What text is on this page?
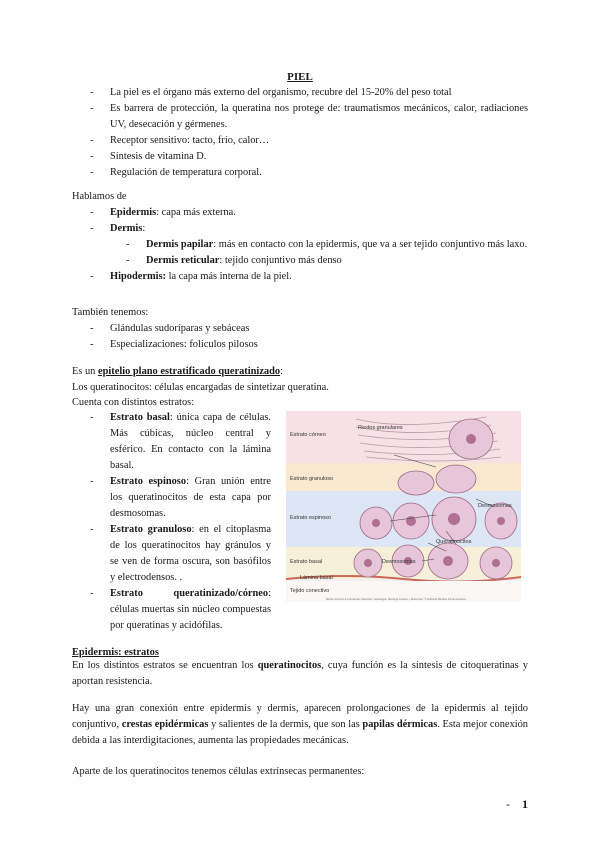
PIEL
- La piel es el órgano más externo del organismo, recubre del 15-20% del peso total
- Es barrera de protección, la queratina nos protege de: traumatismos mecánicos, calor, radiaciones UV, desecación y gérmenes.
- Receptor sensitivo: tacto, frío, calor…
- Síntesis de vitamina D.
- Regulación de temperatura corporal.
Hablamos de
- Epidermis: capa más externa.
- Dermis:
- Dermis papilar: más en contacto con la epidermis, que va a ser tejido conjuntivo más laxo.
- Dermis reticular: tejido conjuntivo más denso
- Hipodermis: la capa más interna de la piel.
También tenemos:
- Glándulas sudoríparas y sebáceas
- Especializaciones: folículos pilosos
Es un epitelio plano estratificado queratinizado:
Los queratinocitos: células encargadas de sintetizar queratina.
Cuenta con distintos estratos:
- Estrato basal: única capa de células. Más cúbicas, núcleo central y esférico. En contacto con la lámina basal.
- Estrato espinoso: Gran unión entre los queratinocitos de esta capa por desmosomas.
- Estrato granuloso: en el citoplasma de los queratinocitos hay gránulos y se ven de forma oscura, son basófilos y electrodensos. .
- Estrato queratinizado/córneo: células muertas sin núcleo compuestas por queratinas y acidófilas.
Estrato córneo
Estrato granuloso
Estrato espinoso
Estrato basal
Lámina basal
Tejido conectivo
Restos granulares
Desmosomas
Desmosomas
Queratinocitos
Martín-Pereira & Fernández-Sánchez: Histología. Biología Celular y Molecular. © Editorial Médica Panamericana
Epidermis: estratos
En los distintos estratos se encuentran los queratinocitos, cuya función es la síntesis de citoqueratinas y aportan resistencia.
Hay una gran conexión entre epidermis y dermis, aparecen prolongaciones de la epidermis al tejido conjuntivo, crestas epidérmicas y salientes de la dermis, que son las papilas dérmicas. Esta mejor conexión debida a las interdigitaciones, aumenta las propiedades mecánicas.
Aparte de los queratinocitos tenemos células extrínsecas permanentes:
- 1
